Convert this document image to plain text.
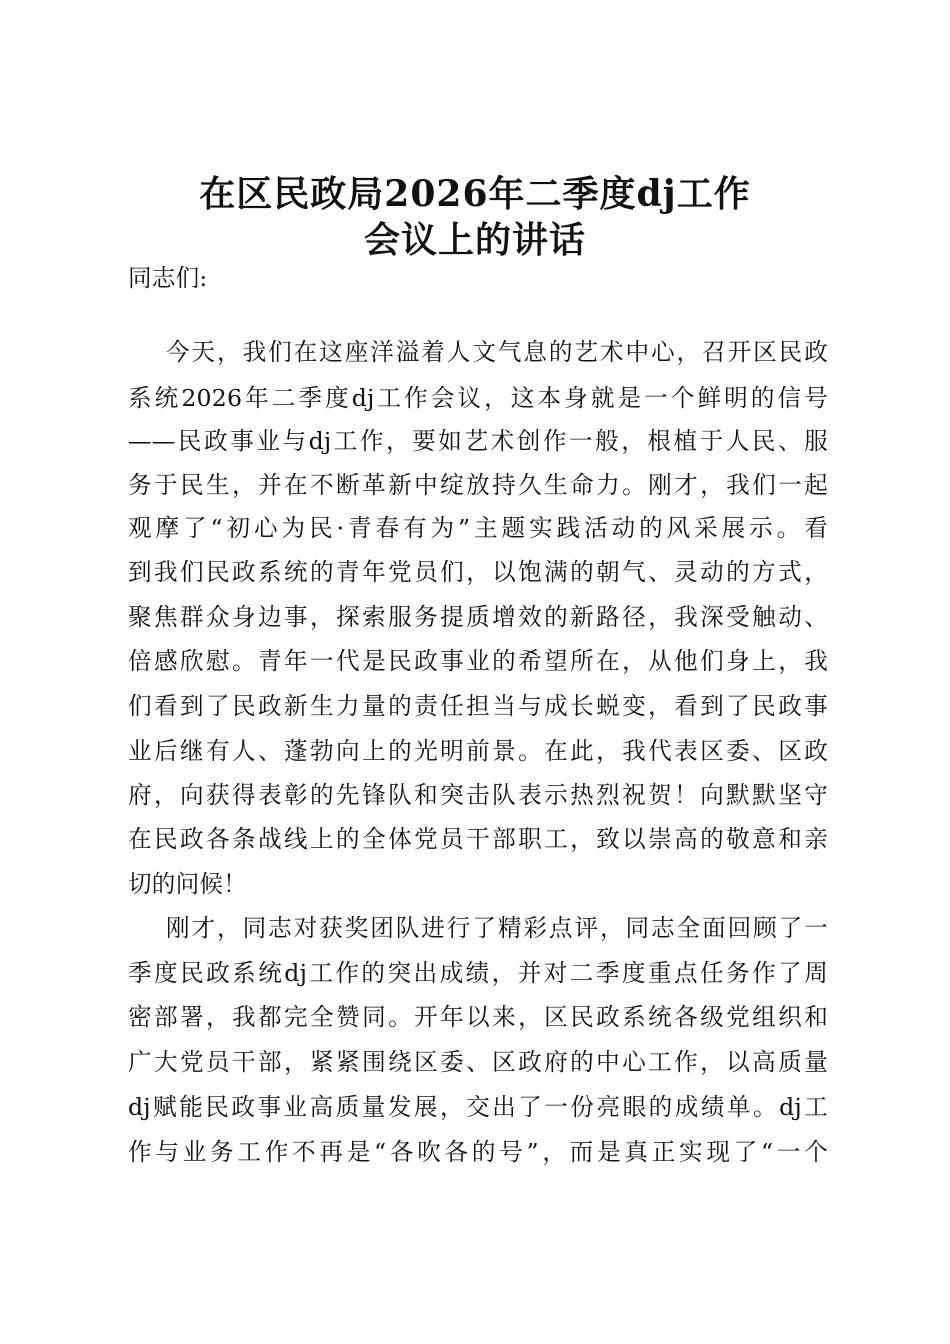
在区民政局2026年二季度dj工作
会议上的讲话
同志们:
今天，我们在这座洋溢着人文气息的艺术中心，召开区民政
系统2026年二季度dj工作会议，这本身就是一个鲜明的信号
——民政事业与dj工作，要如艺术创作一般，根植于人民、服
务于民生，并在不断革新中绽放持久生命力。刚才，我们一起
观摩了“初心为民·青春有为”主题实践活动的风采展示。看
到我们民政系统的青年党员们，以饱满的朝气、灵动的方式，
聚焦群众身边事，探索服务提质增效的新路径，我深受触动、
倍感欣慰。青年一代是民政事业的希望所在，从他们身上，我
们看到了民政新生力量的责任担当与成长蜕变，看到了民政事
业后继有人、蓬勃向上的光明前景。在此，我代表区委、区政
府，向获得表彰的先锋队和突击队表示热烈祝贺！向默默坚守
在民政各条战线上的全体党员干部职工，致以崇高的敬意和亲
切的问候！
刚才，同志对获奖团队进行了精彩点评，同志全面回顾了一
季度民政系统dj工作的突出成绩，并对二季度重点任务作了周
密部署，我都完全赞同。开年以来，区民政系统各级党组织和
广大党员干部，紧紧围绕区委、区政府的中心工作，以高质量
dj赋能民政事业高质量发展，交出了一份亮眼的成绩单。dj工
作与业务工作不再是“各吹各的号”，而是真正实现了“一个
